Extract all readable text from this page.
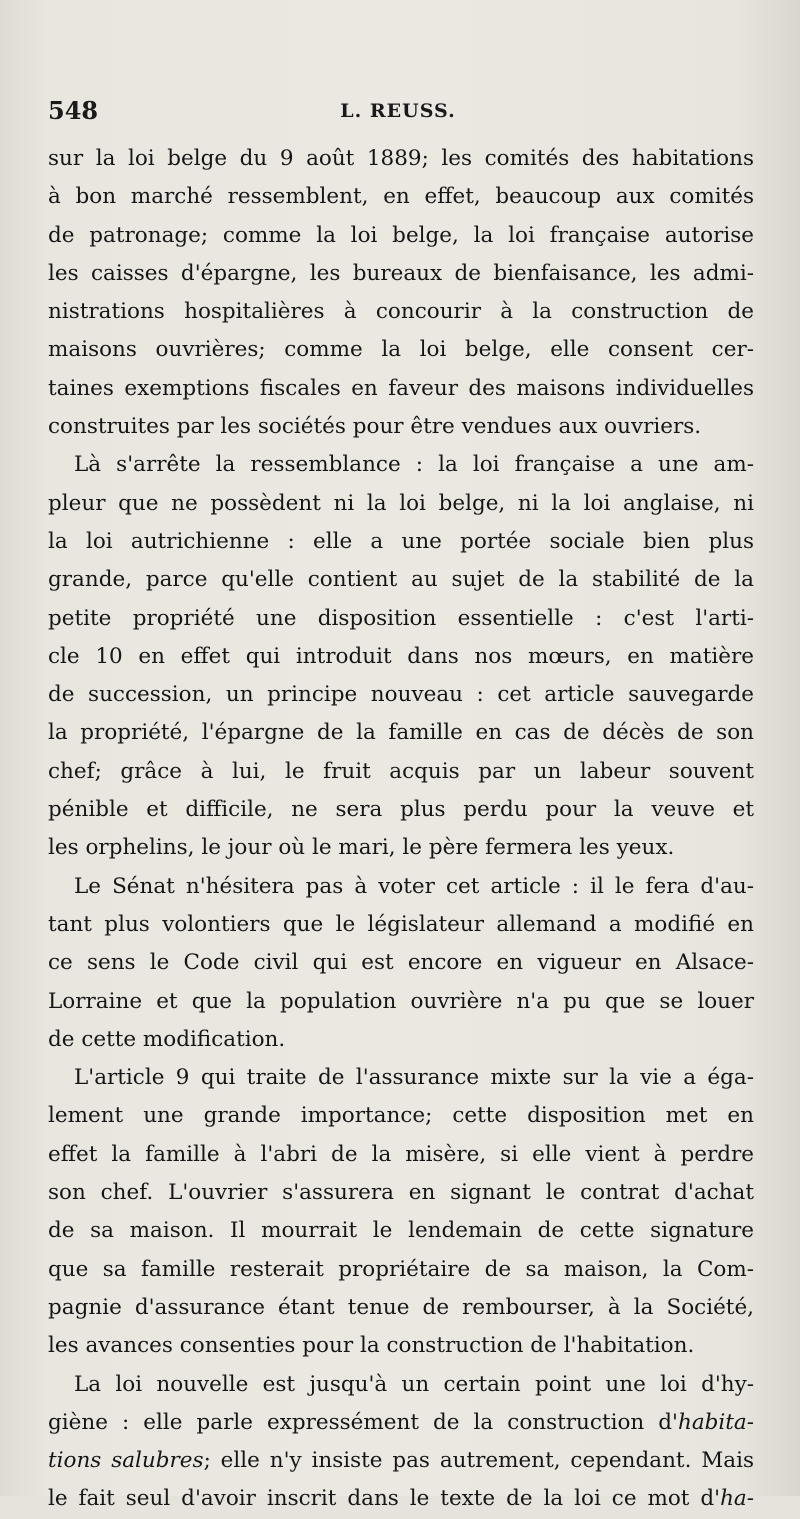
548	L. REUSS.
sur la loi belge du 9 août 1889; les comités des habitations
à bon marché ressemblent, en effet, beaucoup aux comités
de patronage; comme la loi belge, la loi française autorise
les caisses d'épargne, les bureaux de bienfaisance, les admi-
nistrations hospitalières à concourir à la construction de
maisons ouvrières; comme la loi belge, elle consent cer-
taines exemptions fiscales en faveur des maisons individuelles
construites par les sociétés pour être vendues aux ouvriers.
Là s'arrête la ressemblance : la loi française a une am-
pleur que ne possèdent ni la loi belge, ni la loi anglaise, ni
la loi autrichienne : elle a une portée sociale bien plus
grande, parce qu'elle contient au sujet de la stabilité de la
petite propriété une disposition essentielle : c'est l'arti-
cle 10 en effet qui introduit dans nos mœurs, en matière
de succession, un principe nouveau : cet article sauvegarde
la propriété, l'épargne de la famille en cas de décès de son
chef; grâce à lui, le fruit acquis par un labeur souvent
pénible et difficile, ne sera plus perdu pour la veuve et
les orphelins, le jour où le mari, le père fermera les yeux.
Le Sénat n'hésitera pas à voter cet article : il le fera d'au-
tant plus volontiers que le législateur allemand a modifié en
ce sens le Code civil qui est encore en vigueur en Alsace-
Lorraine et que la population ouvrière n'a pu que se louer
de cette modification.
L'article 9 qui traite de l'assurance mixte sur la vie a éga-
lement une grande importance; cette disposition met en
effet la famille à l'abri de la misère, si elle vient à perdre
son chef. L'ouvrier s'assurera en signant le contrat d'achat
de sa maison. Il mourrait le lendemain de cette signature
que sa famille resterait propriétaire de sa maison, la Com-
pagnie d'assurance étant tenue de rembourser, à la Société,
les avances consenties pour la construction de l'habitation.
La loi nouvelle est jusqu'à un certain point une loi d'hy-
giène : elle parle expressément de la construction d'habita-
tions salubres; elle n'y insiste pas autrement, cependant. Mais
le fait seul d'avoir inscrit dans le texte de la loi ce mot d'ha-
